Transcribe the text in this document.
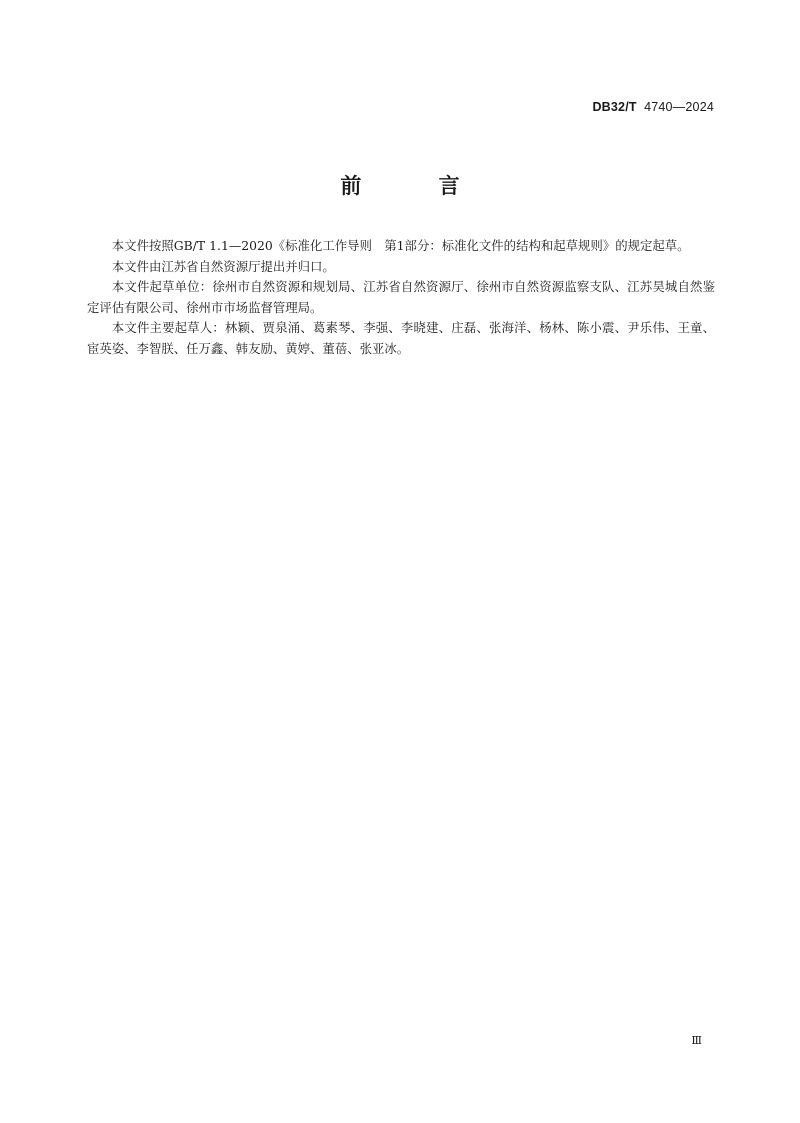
DB32/T 4740—2024
前 言

本文件按照GB/T 1.1—2020《标准化工作导则　第1部分：标准化文件的结构和起草规则》的规定起草。

本文件由江苏省自然资源厅提出并归口。

本文件起草单位：徐州市自然资源和规划局、江苏省自然资源厅、徐州市自然资源监察支队、江苏昊城自然鉴定评估有限公司、徐州市市场监督管理局。

本文件主要起草人：林颖、贾泉涌、葛素琴、李强、李晓建、庄磊、张海洋、杨林、陈小震、尹乐伟、王童、宦英姿、李智朕、任万鑫、韩友励、黄婷、董蓓、张亚冰。

Ⅲ
